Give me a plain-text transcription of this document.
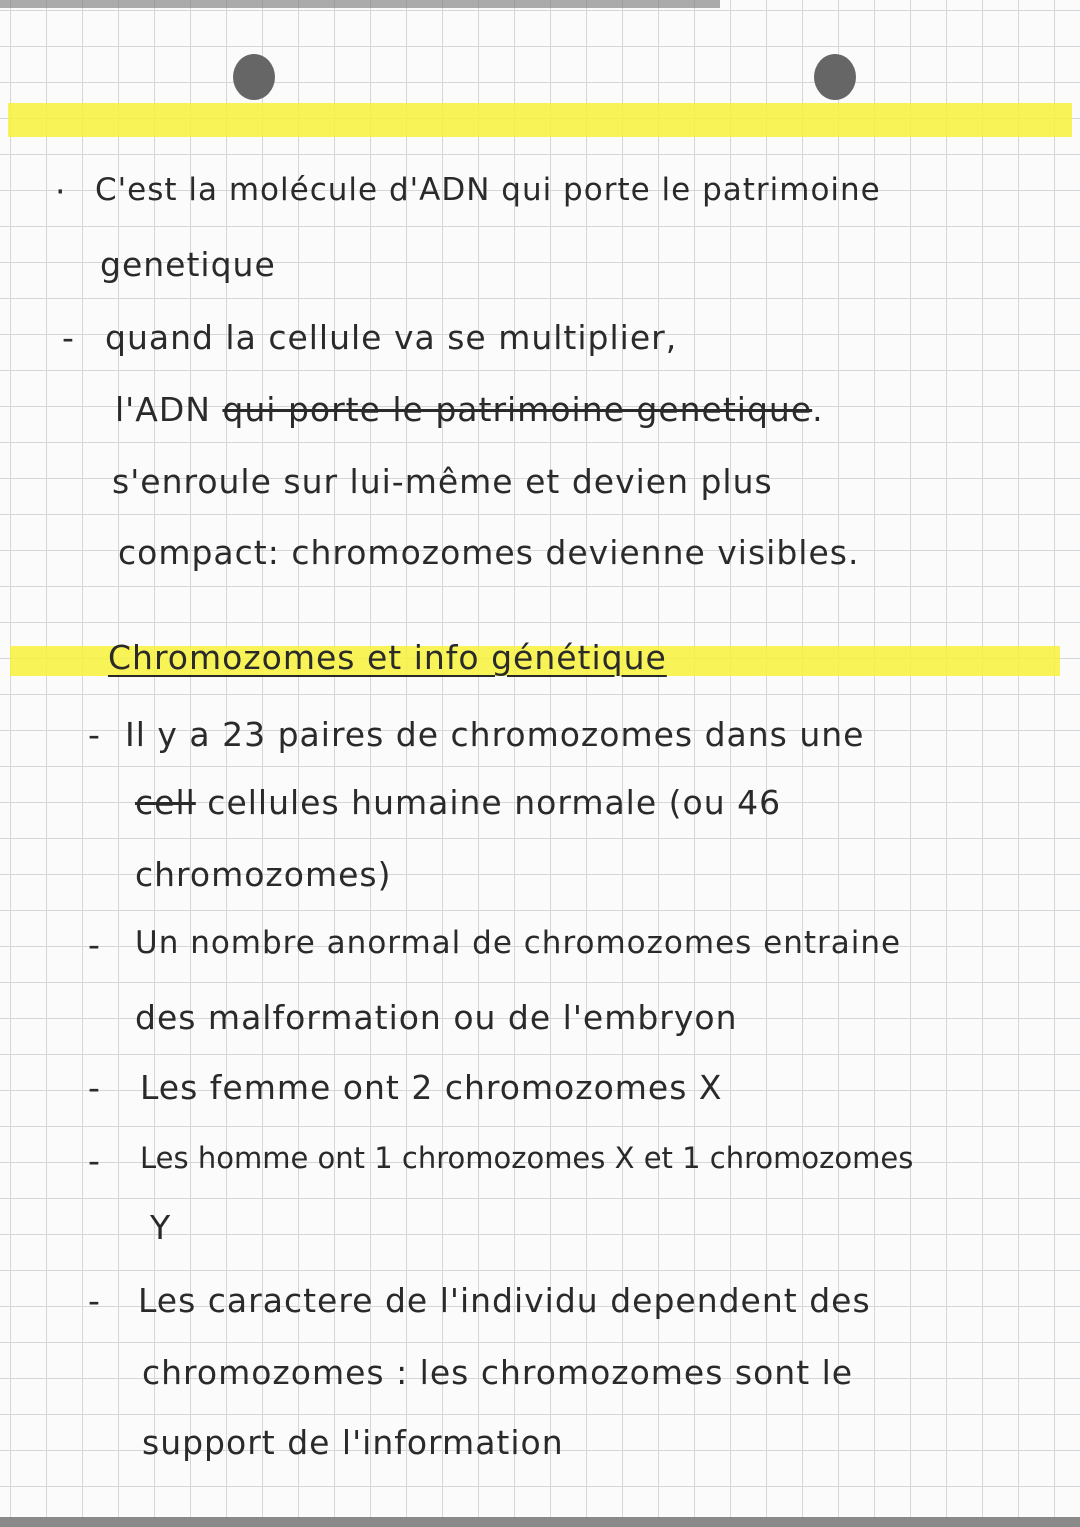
· C'est la molécule d'ADN qui porte le patrimoine
genetique
- quand la cellule va se multiplier,
l'ADN qui porte le patrimoine genetique.
s'enroule sur lui-même et devien plus
compact: chromozomes devienne visibles.
Chromozomes et info génétique
- Il y a 23 paires de chromozomes dans une
cell cellules humaine normale (ou 46
chromozomes)
- Un nombre anormal de chromozomes entraine
des malformation ou de l'embryon
- Les femme ont 2 chromozomes X
- Les homme ont 1 chromozomes X et 1 chromozomes
Y
- Les caractere de l'individu dependent des
chromozomes : les chromozomes sont le
support de l'information
